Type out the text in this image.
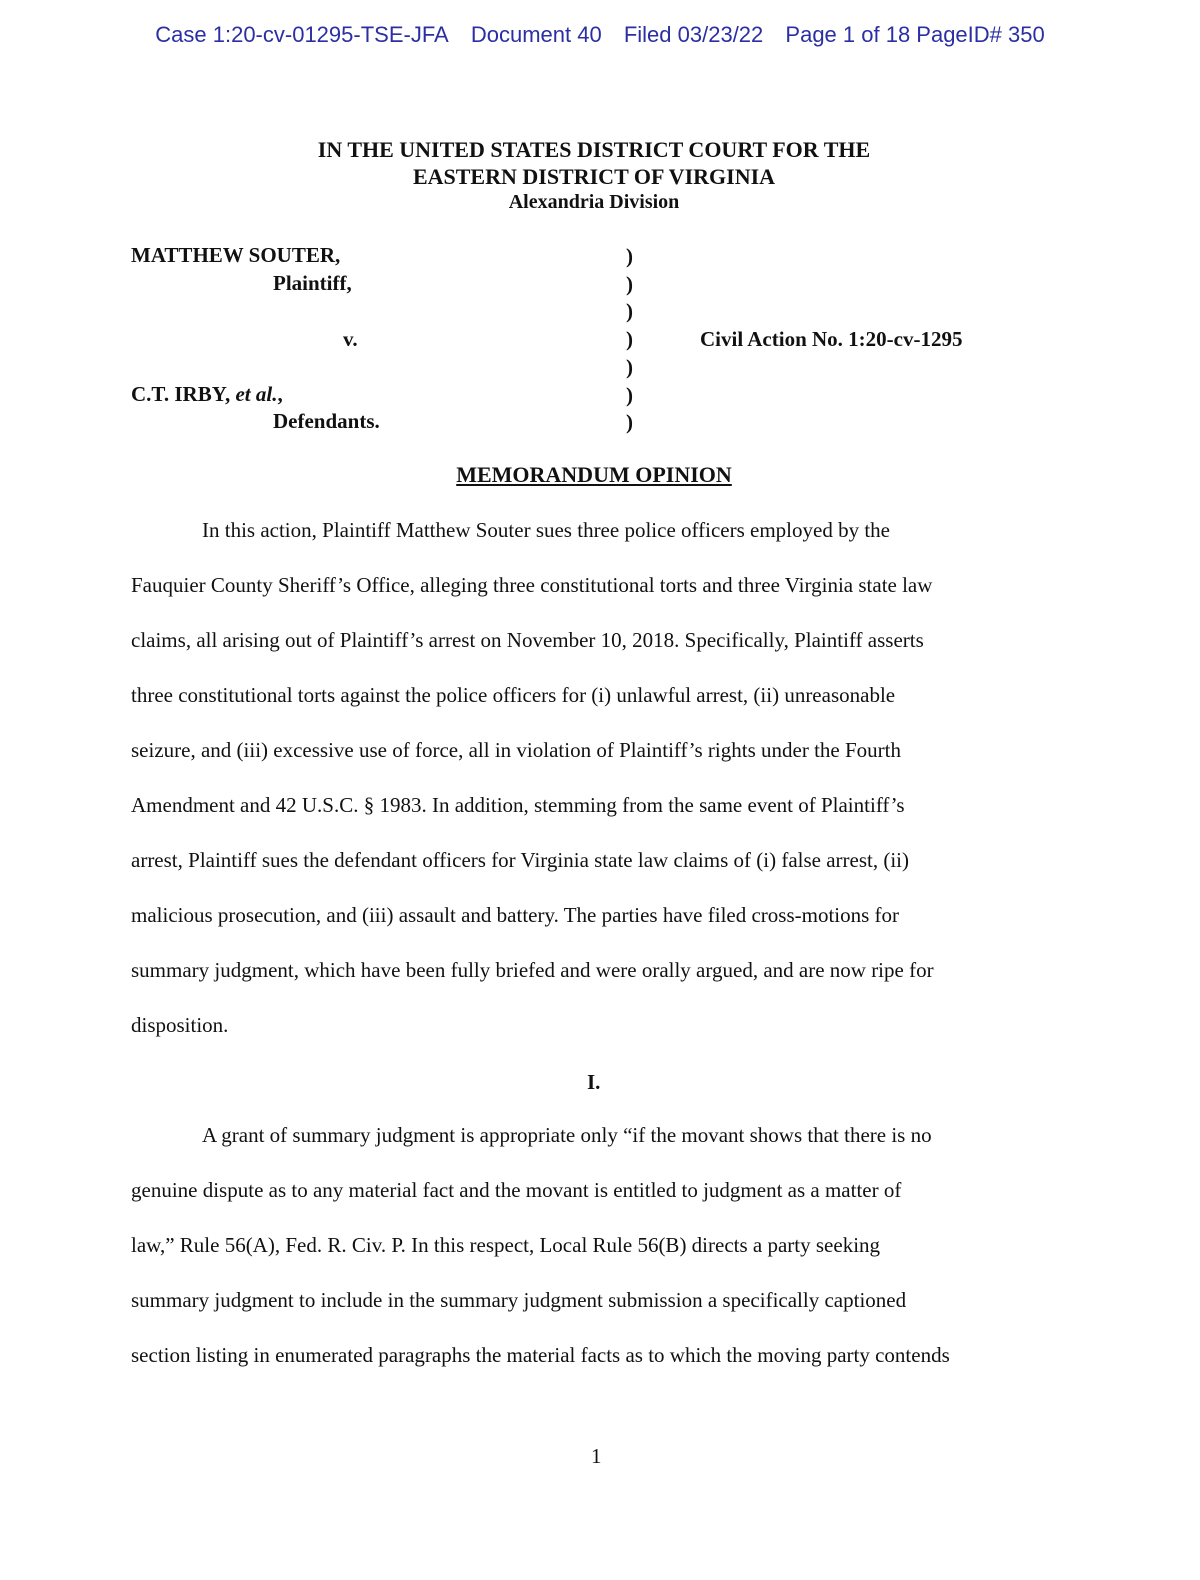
Case 1:20-cv-01295-TSE-JFA Document 40 Filed 03/23/22 Page 1 of 18 PageID# 350
IN THE UNITED STATES DISTRICT COURT FOR THE
EASTERN DISTRICT OF VIRGINIA
Alexandria Division
MATTHEW SOUTER,
Plaintiff,
v.
C.T. IRBY, et al.,
Defendants.
Civil Action No. 1:20-cv-1295
)
)
)
)
)
)
)
MEMORANDUM OPINION
In this action, Plaintiff Matthew Souter sues three police officers employed by the
Fauquier County Sheriff’s Office, alleging three constitutional torts and three Virginia state law
claims, all arising out of Plaintiff’s arrest on November 10, 2018. Specifically, Plaintiff asserts
three constitutional torts against the police officers for (i) unlawful arrest, (ii) unreasonable
seizure, and (iii) excessive use of force, all in violation of Plaintiff’s rights under the Fourth
Amendment and 42 U.S.C. § 1983. In addition, stemming from the same event of Plaintiff’s
arrest, Plaintiff sues the defendant officers for Virginia state law claims of (i) false arrest, (ii)
malicious prosecution, and (iii) assault and battery. The parties have filed cross-motions for
summary judgment, which have been fully briefed and were orally argued, and are now ripe for
disposition.
I.
A grant of summary judgment is appropriate only “if the movant shows that there is no
genuine dispute as to any material fact and the movant is entitled to judgment as a matter of
law,” Rule 56(A), Fed. R. Civ. P. In this respect, Local Rule 56(B) directs a party seeking
summary judgment to include in the summary judgment submission a specifically captioned
section listing in enumerated paragraphs the material facts as to which the moving party contends
1
